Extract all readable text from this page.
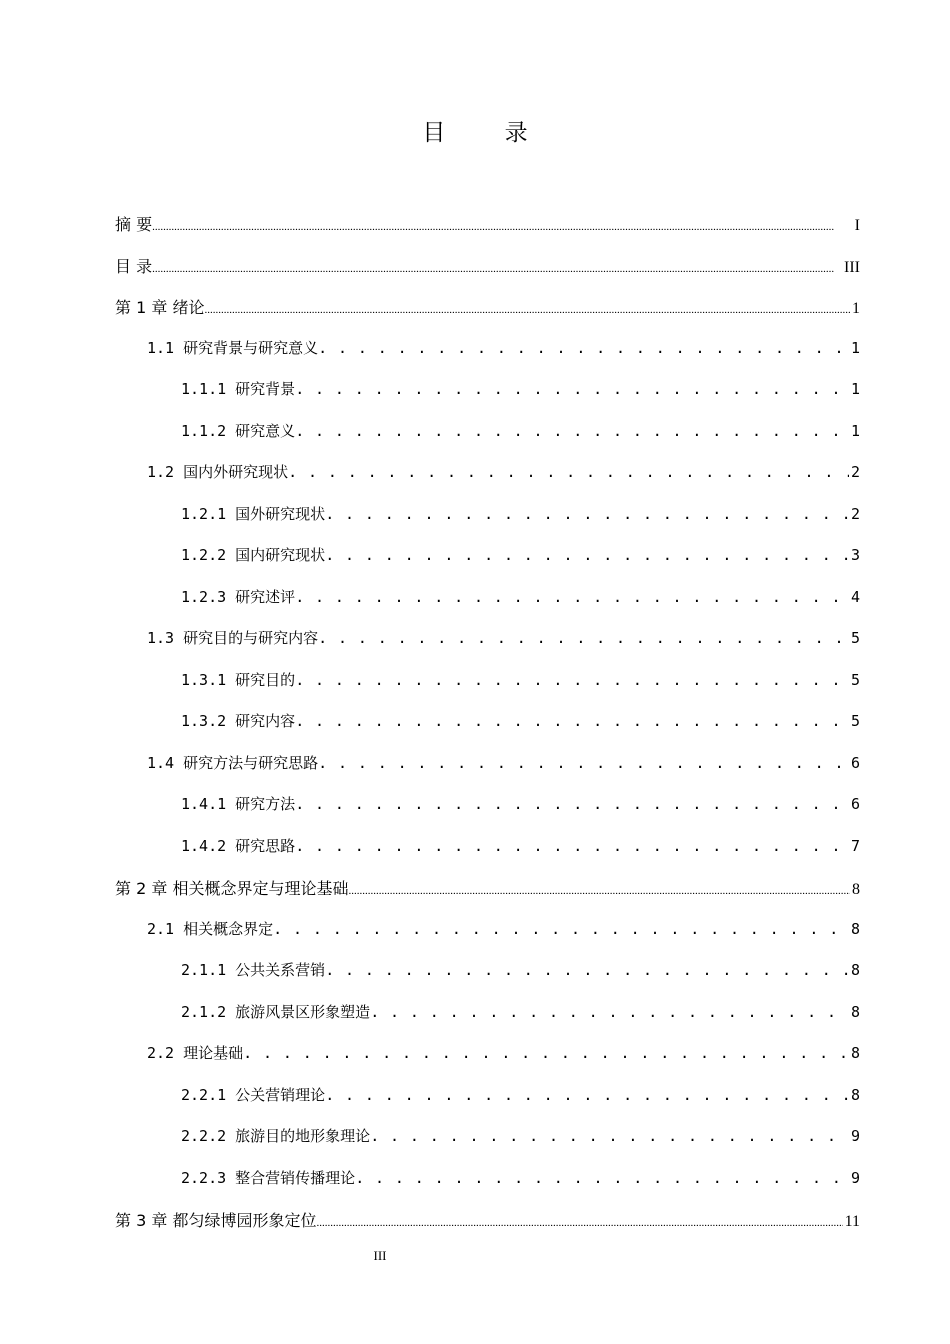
目 录
摘 要 .....	I
目 录 .....	III
第 1 章 绪论 .....	1
1.1 研究背景与研究意义 . . .	1
1.1.1 研究背景 . . .	1
1.1.2 研究意义 . . .	1
1.2 国内外研究现状 . . .	2
1.2.1 国外研究现状 . . .	2
1.2.2 国内研究现状 . . .	3
1.2.3 研究述评 . . .	4
1.3 研究目的与研究内容 . . .	5
1.3.1 研究目的 . . .	5
1.3.2 研究内容 . . .	5
1.4 研究方法与研究思路 . . .	6
1.4.1 研究方法 . . .	6
1.4.2 研究思路 . . .	7
第 2 章 相关概念界定与理论基础 .....	8
2.1 相关概念界定 . . .	8
2.1.1 公共关系营销 . . .	8
2.1.2 旅游风景区形象塑造 . . .	8
2.2 理论基础 . . .	8
2.2.1 公关营销理论 . . .	8
2.2.2 旅游目的地形象理论 . . .	9
2.2.3 整合营销传播理论 . . .	9
第 3 章 都匀绿博园形象定位 .....	11
III
